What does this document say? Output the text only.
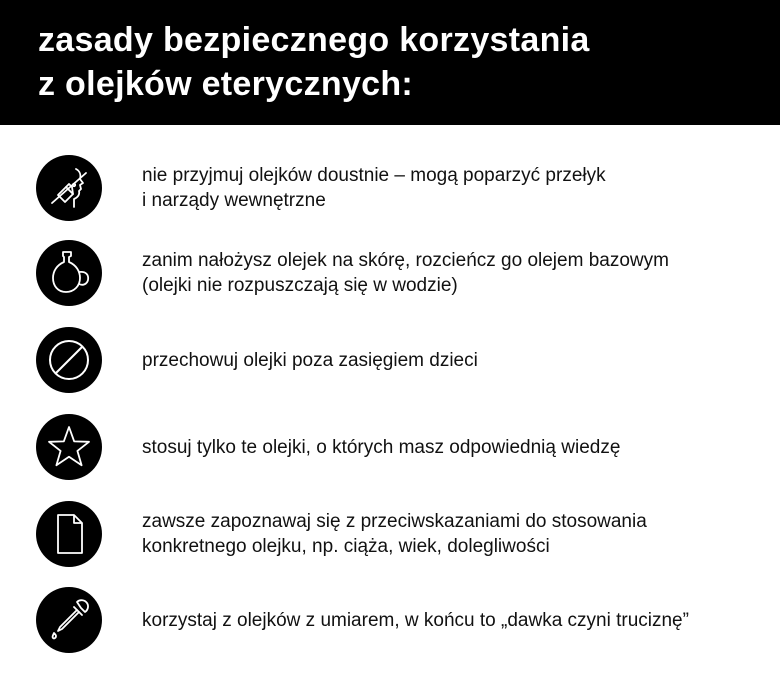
zasady bezpiecznego korzystania
z olejków eterycznych:
nie przyjmuj olejków doustnie – mogą poparzyć przełyk
i narządy wewnętrzne
zanim nałożysz olejek na skórę, rozcieńcz go olejem bazowym
(olejki nie rozpuszczają się w wodzie)
przechowuj olejki poza zasięgiem dzieci
stosuj tylko te olejki, o których masz odpowiednią wiedzę
zawsze zapoznawaj się z przeciwskazaniami do stosowania
konkretnego olejku, np. ciąża, wiek, dolegliwości
korzystaj z olejków z umiarem, w końcu to „dawka czyni truciznę”
